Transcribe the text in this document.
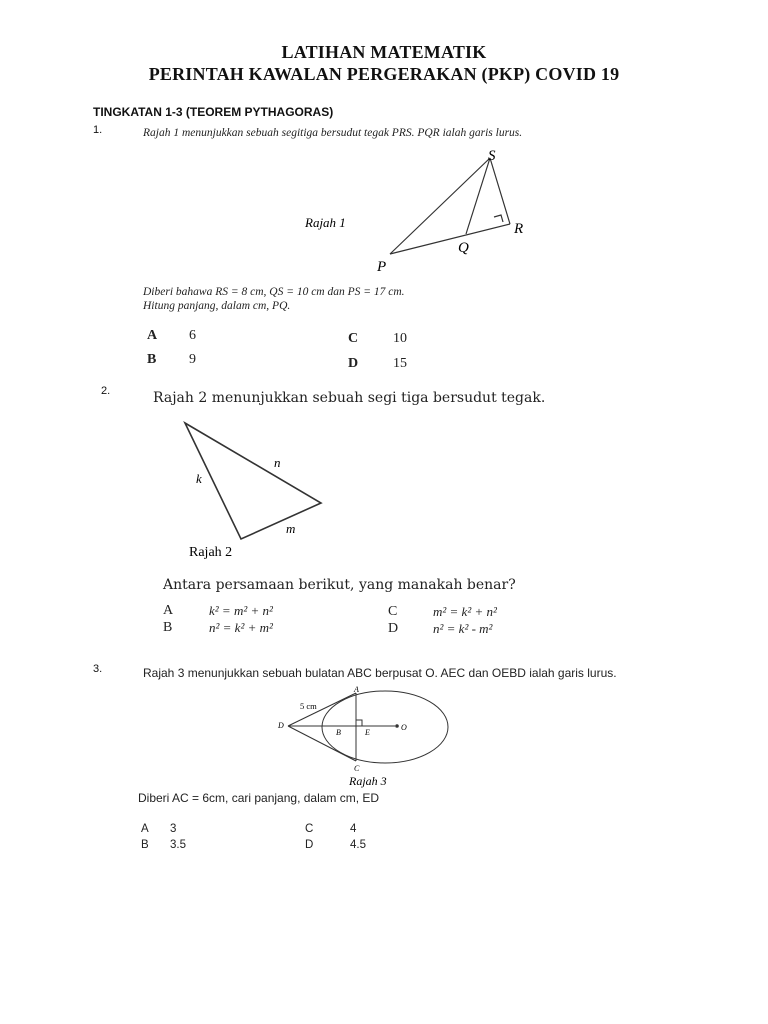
LATIHAN MATEMATIK
PERINTAH KAWALAN PERGERAKAN (PKP) COVID 19
TINGKATAN 1-3 (TEOREM PYTHAGORAS)
1.	Rajah 1 menunjukkan sebuah segitiga bersudut tegak PRS. PQR ialah garis lurus.
S
R
Q
P
Rajah 1
Diberi bahawa RS = 8 cm, QS = 10 cm dan PS = 17 cm.
Hitung panjang, dalam cm, PQ.
A 6
B 9
C 10
D 15
2.	Rajah 2 menunjukkan sebuah segi tiga bersudut tegak.
k
n
m
Rajah 2
Antara persamaan berikut, yang manakah benar?
A	k² = m² + n²
B	n² = k² + m²
C	m² = k² + n²
D	n² = k² - m²
3.	Rajah 3 menunjukkan sebuah bulatan ABC berpusat O. AEC dan OEBD ialah garis lurus.
A
C
D
B	E
O
5 cm
Rajah 3
Diberi AC = 6cm, cari panjang, dalam cm, ED
A 3
B 3.5
C	4
D	4.5
